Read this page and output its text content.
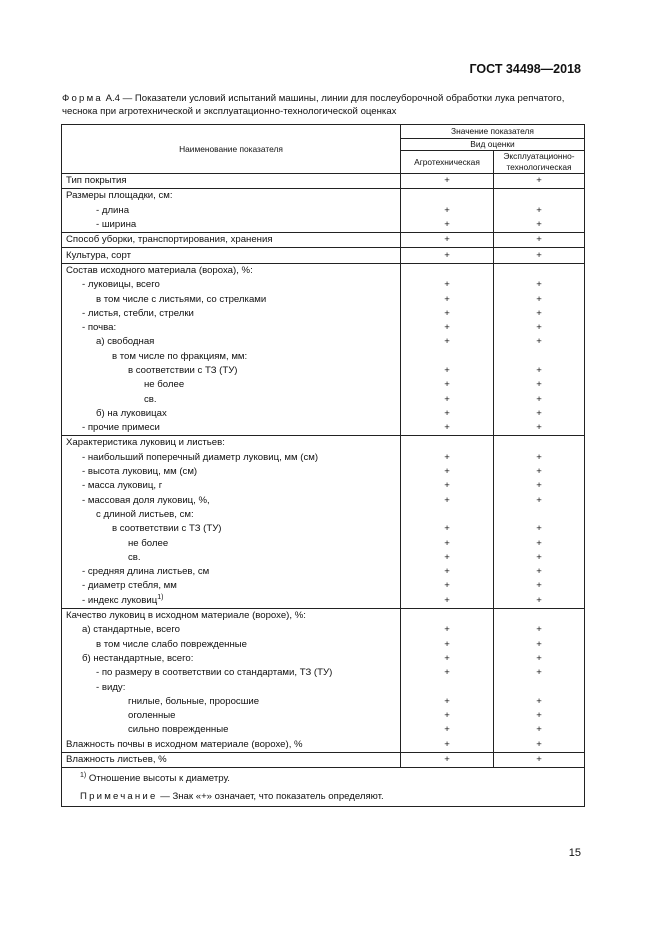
ГОСТ 34498—2018
Форма А.4 — Показатели условий испытаний машины, линии для послеуборочной обработки лука репчатого, чеснока при агротехнической и эксплуатационно-технологической оценках
Наименование показателя	Значение показателя	
	Вид оценки	
	Агротехническая	Эксплуатационно-технологическая
Тип покрытия	+	+
Размеры площадки, см:		
- длина	+	+
- ширина	+	+
Способ уборки, транспортирования, хранения	+	+
Культура, сорт	+	+
Состав исходного материала (вороха), %:		
- луковицы, всего	+	+
в том числе с листьями, со стрелками	+	+
- листья, стебли, стрелки	+	+
- почва:	+	+
а) свободная	+	+
в том числе по фракциям, мм:		
в соответствии с ТЗ (ТУ)	+	+
не более	+	+
св.	+	+
б) на луковицах	+	+
- прочие примеси	+	+
Характеристика луковиц и листьев:		
- наибольший поперечный диаметр луковиц, мм (см)	+	+
- высота луковиц, мм (см)	+	+
- масса луковиц, г	+	+
- массовая доля луковиц, %,	+	+
с длиной листьев, см:		
в соответствии с ТЗ (ТУ)	+	+
не более	+	+
св.	+	+
- средняя длина листьев, см	+	+
- диаметр стебля, мм	+	+
- индекс луковиц$^{1)}$	+	+
Качество луковиц в исходном материале (ворохе), %:		
а) стандартные, всего	+	+
в том числе слабо поврежденные	+	+
б) нестандартные, всего:	+	+
- по размеру в соответствии со стандартами, ТЗ (ТУ)	+	+
- виду:		
гнилые, больные, проросшие	+	+
оголенные	+	+
сильно поврежденные	+	+
Влажность почвы в исходном материале (ворохе), %	+	+
Влажность листьев, %	+	+

$^{1)}$ Отношение высоты к диаметру.
Примечание — Знак «+» означает, что показатель определяют.		
15
